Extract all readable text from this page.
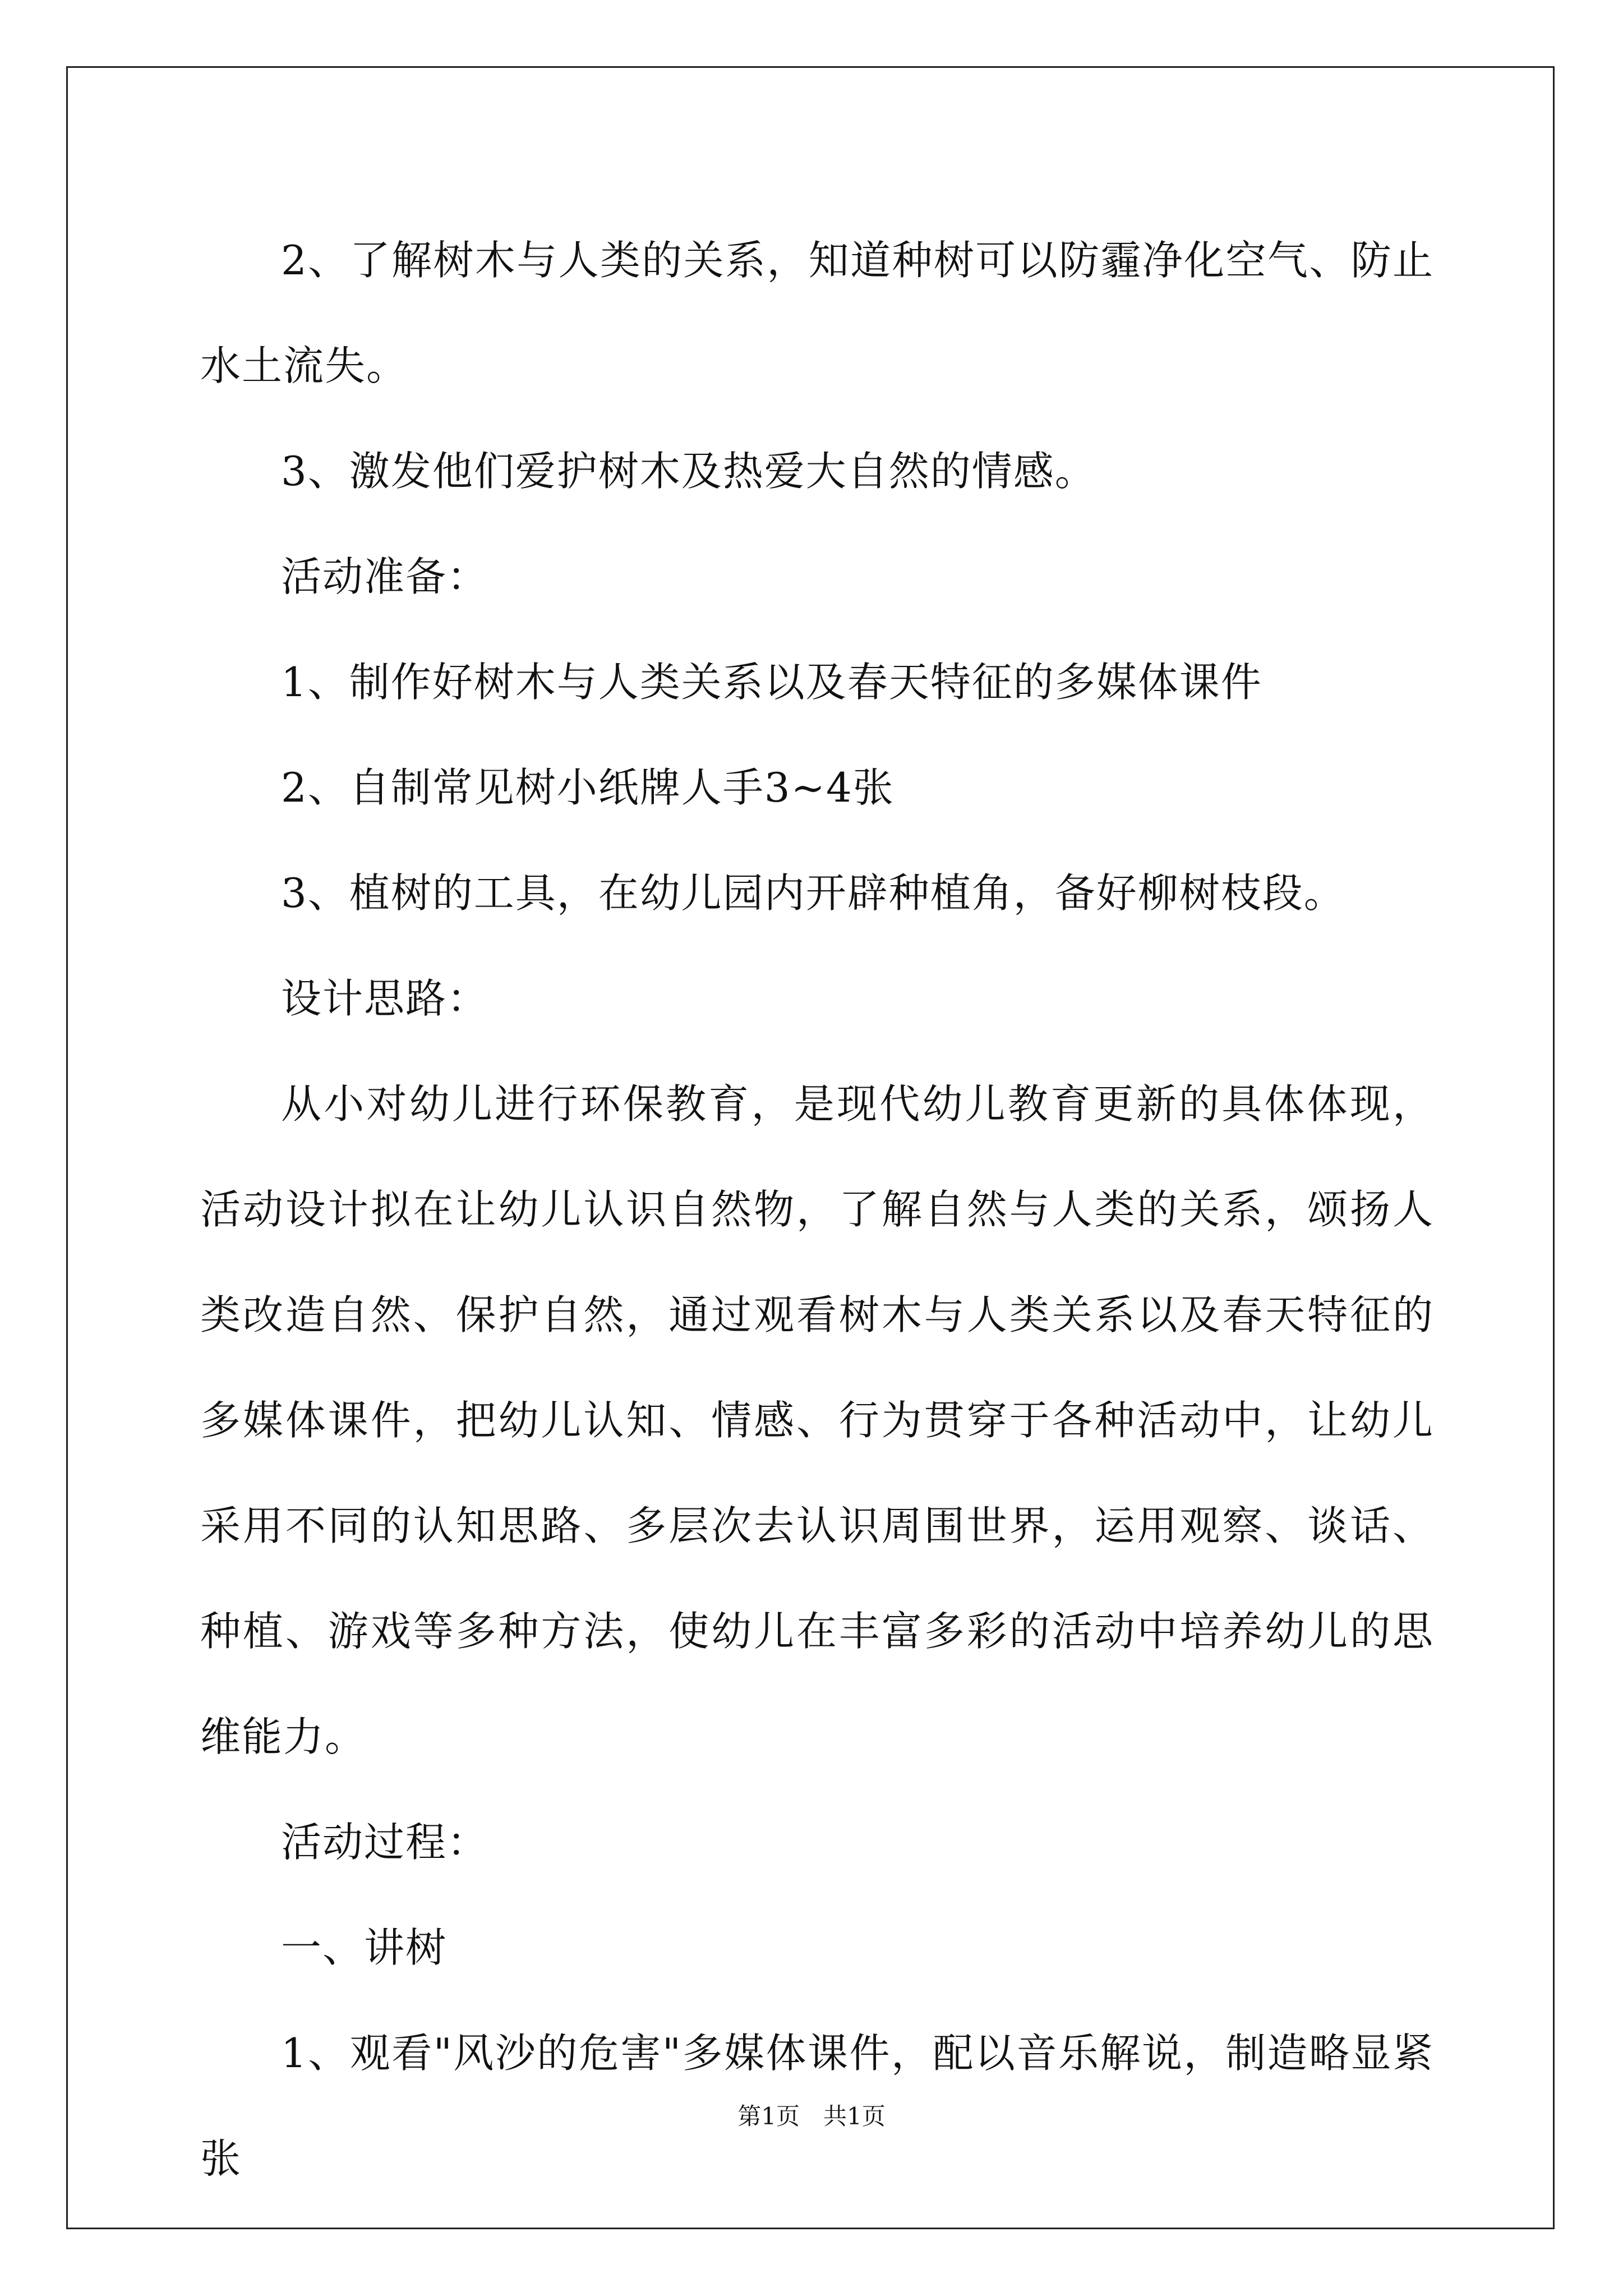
2、了解树木与人类的关系，知道种树可以防霾净化空气、防止水土流失。

3、激发他们爱护树木及热爱大自然的情感。

活动准备：

1、制作好树木与人类关系以及春天特征的多媒体课件

2、自制常见树小纸牌人手3~4张

3、植树的工具，在幼儿园内开辟种植角，备好柳树枝段。

设计思路：

从小对幼儿进行环保教育，是现代幼儿教育更新的具体体现，活动设计拟在让幼儿认识自然物，了解自然与人类的关系，颂扬人类改造自然、保护自然，通过观看树木与人类关系以及春天特征的多媒体课件，把幼儿认知、情感、行为贯穿于各种活动中，让幼儿采用不同的认知思路、多层次去认识周围世界，运用观察、谈话、种植、游戏等多种方法，使幼儿在丰富多彩的活动中培养幼儿的思维能力。

活动过程：

一、讲树

1、观看"风沙的危害"多媒体课件，配以音乐解说，制造略显紧张

第1页　共1页
